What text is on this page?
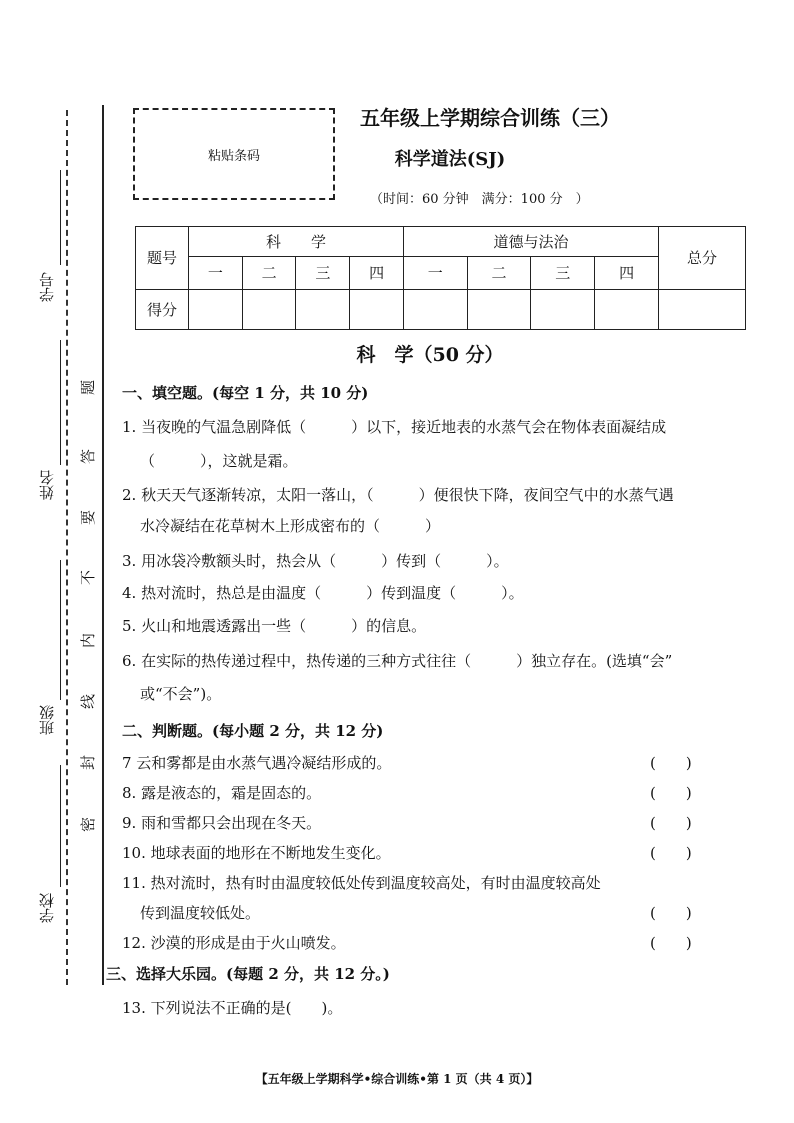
学号
姓名
班级
学校
题
答
要
不
内
线
封
密
粘贴条码
五年级上学期综合训练（三）
科学道法(SJ)
（时间：60 分钟　满分：100 分　）
题号	科　　学				道德与法治				总分
	一	二	三	四	一	二	三	四	
得分									
科　学（50 分）
一、填空题。(每空 1 分，共 10 分)
1. 当夜晚的气温急剧降低（　　　）以下，接近地表的水蒸气会在物体表面凝结成
（　　　），这就是霜。
2. 秋天天气逐渐转凉，太阳一落山，（　　　）便很快下降，夜间空气中的水蒸气遇
水冷凝结在花草树木上形成密布的（　　　）
3. 用冰袋冷敷额头时，热会从（　　　）传到（　　　）。
4. 热对流时，热总是由温度（　　　）传到温度（　　　）。
5. 火山和地震透露出一些（　　　）的信息。
6. 在实际的热传递过程中，热传递的三种方式往往（　　　）独立存在。(选填“会”
或“不会”)。
二、判断题。(每小题 2 分，共 12 分)
7 云和雾都是由水蒸气遇冷凝结形成的。	(　　)
8. 露是液态的，霜是固态的。	(　　)
9. 雨和雪都只会出现在冬天。	(　　)
10. 地球表面的地形在不断地发生变化。	(　　)
11. 热对流时，热有时由温度较低处传到温度较高处，有时由温度较高处
传到温度较低处。	(　　)
12. 沙漠的形成是由于火山喷发。	(　　)
三、选择大乐园。(每题 2 分，共 12 分。)
13. 下列说法不正确的是(　　)。
【五年级上学期科学•综合训练•第 1 页（共 4 页）】
